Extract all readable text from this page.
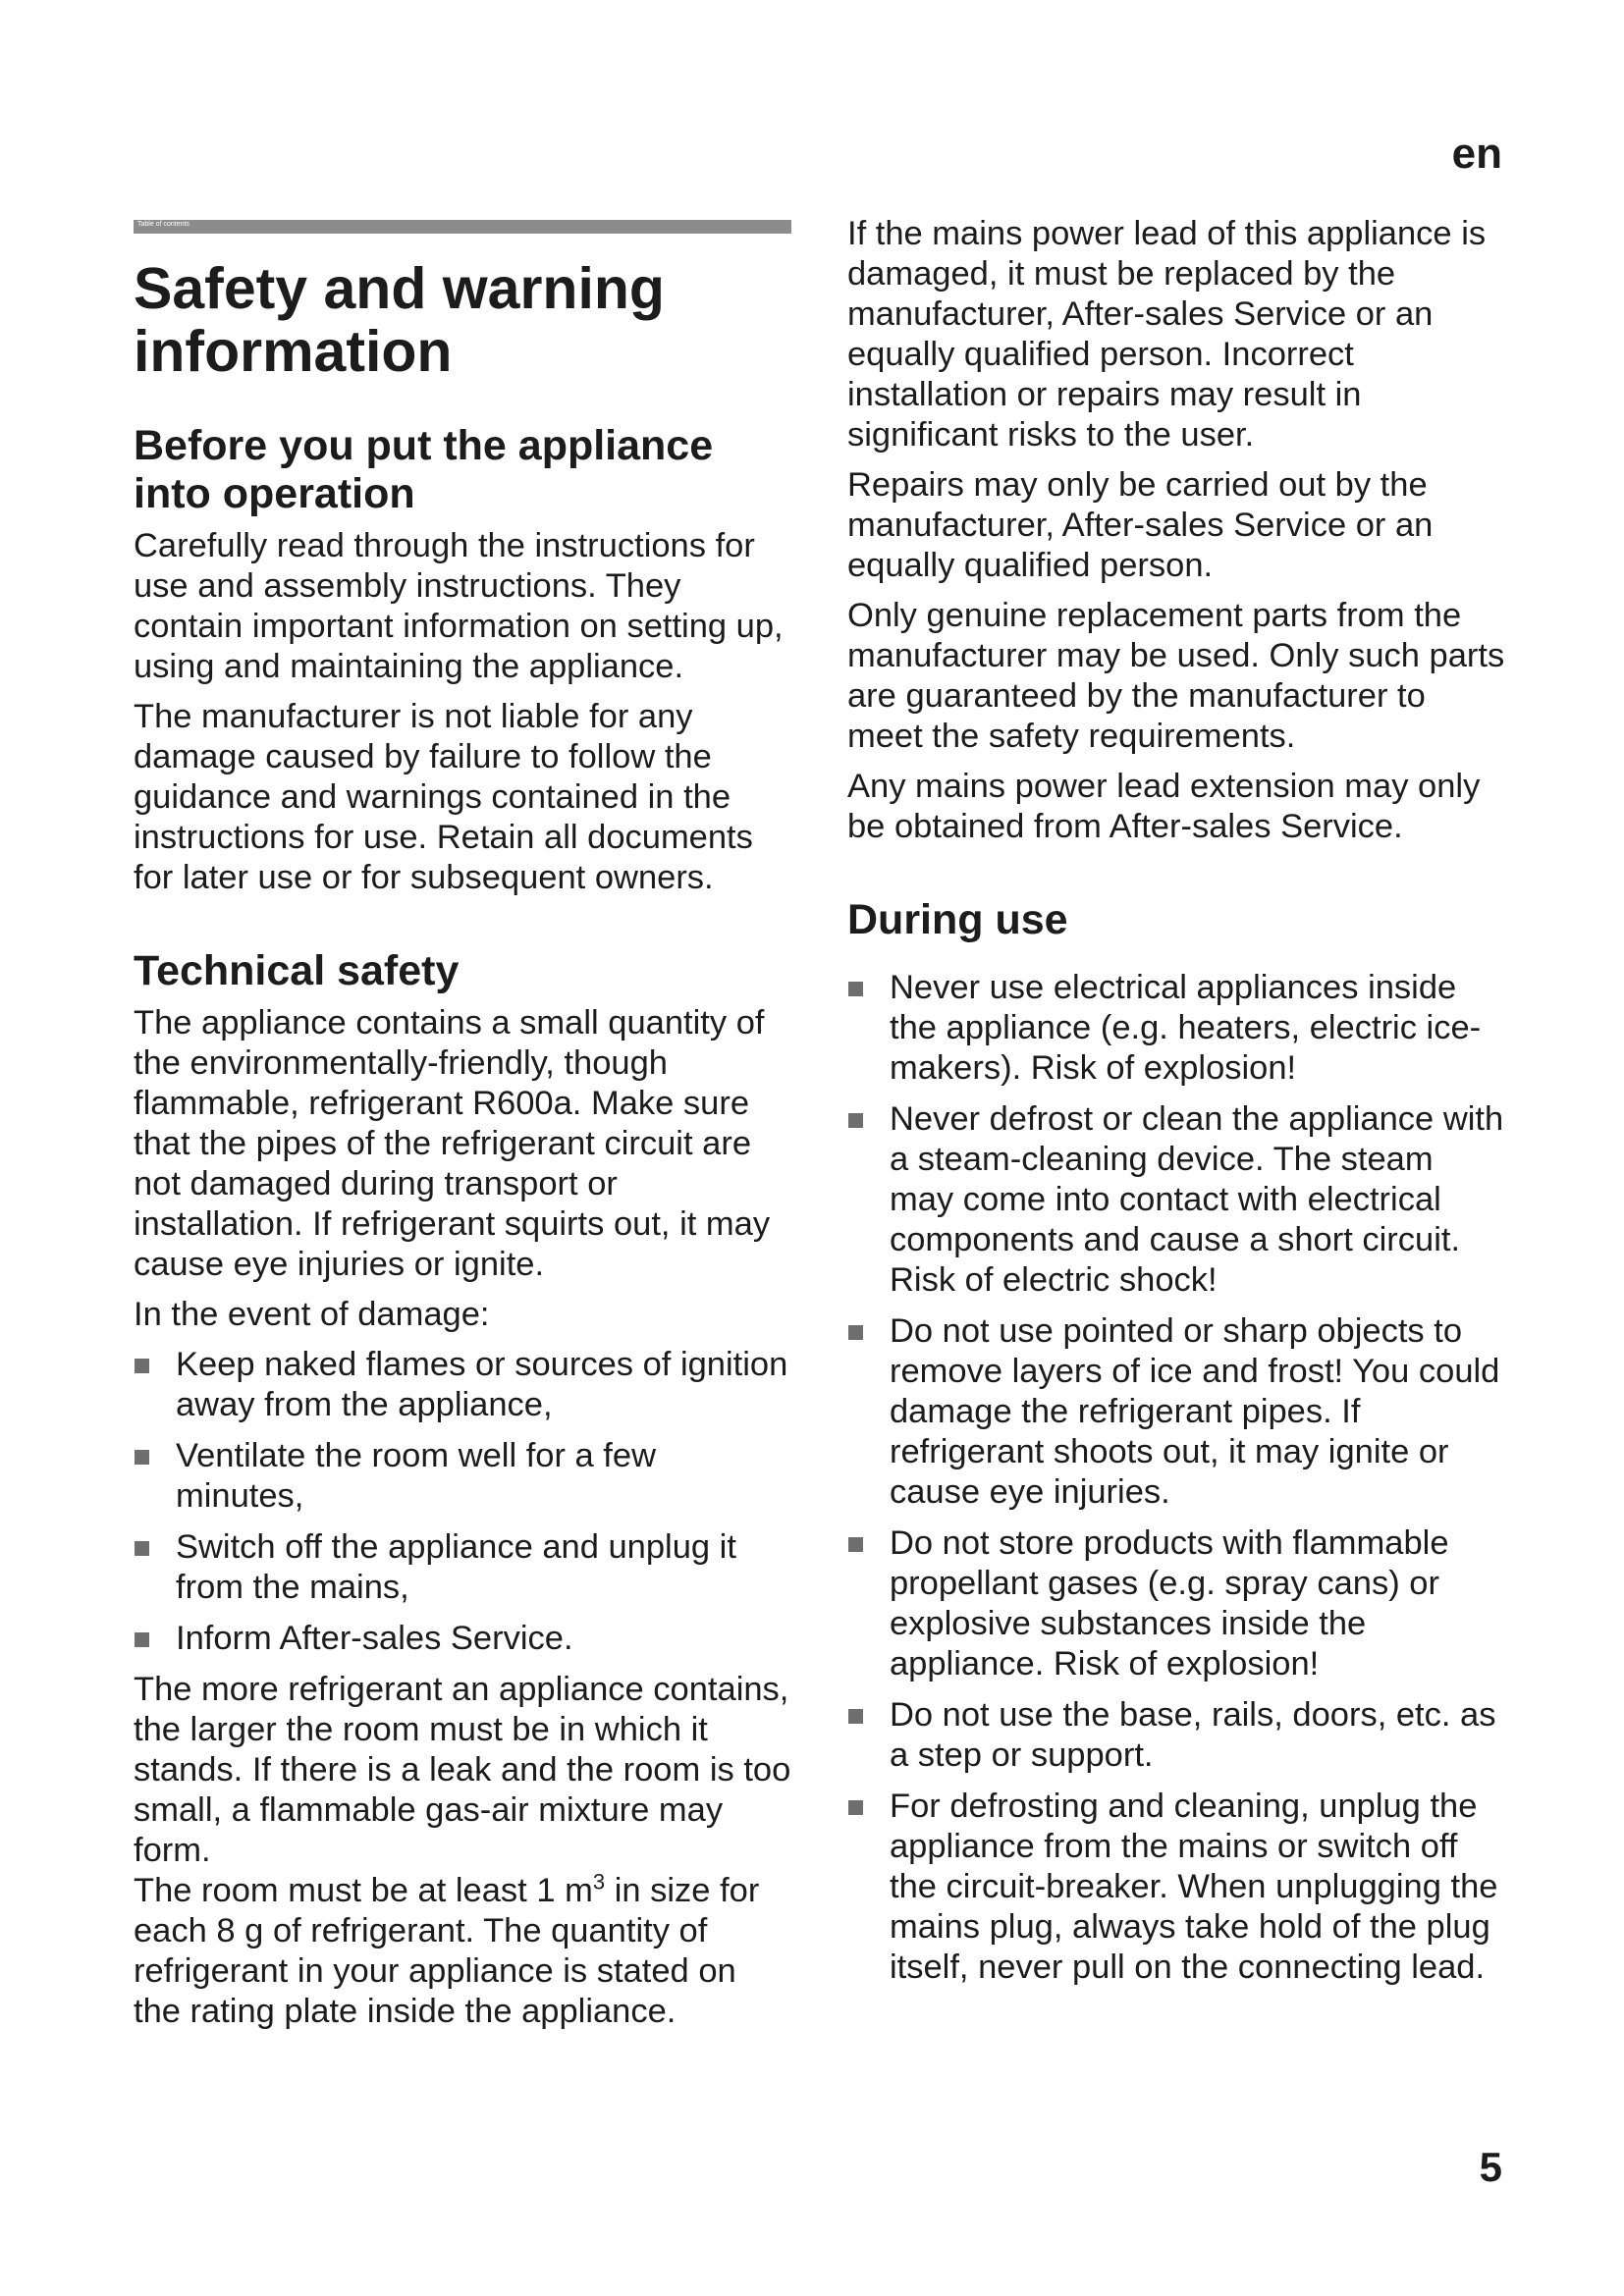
en
Table of contents
Safety and warning
information
Before you put the appliance
into operation

Carefully read through the instructions for use and assembly instructions. They contain important information on setting up, using and maintaining the appliance.

The manufacturer is not liable for any damage caused by failure to follow the guidance and warnings contained in the instructions for use. Retain all documents for later use or for subsequent owners.

Technical safety

The appliance contains a small quantity of the environmentally-friendly, though flammable, refrigerant R600a. Make sure that the pipes of the refrigerant circuit are not damaged during transport or installation. If refrigerant squirts out, it may cause eye injuries or ignite.

In the event of damage:

Keep naked flames or sources of ignition away from the appliance,
Ventilate the room well for a few minutes,
Switch off the appliance and unplug it from the mains,
Inform After-sales Service.

The more refrigerant an appliance contains, the larger the room must be in which it stands. If there is a leak and the room is too small, a flammable gas-air mixture may form.

The room must be at least 1 $m^3$ in size for each 8 g of refrigerant. The quantity of refrigerant in your appliance is stated on the rating plate inside the appliance.

If the mains power lead of this appliance is damaged, it must be replaced by the manufacturer, After-sales Service or an equally qualified person. Incorrect installation or repairs may result in significant risks to the user.

Repairs may only be carried out by the manufacturer, After-sales Service or an equally qualified person.

Only genuine replacement parts from the manufacturer may be used. Only such parts are guaranteed by the manufacturer to meet the safety requirements.

Any mains power lead extension may only be obtained from After-sales Service.

During use
Never use electrical appliances inside the appliance (e.g. heaters, electric ice-makers). Risk of explosion!
Never defrost or clean the appliance with a steam-cleaning device. The steam may come into contact with electrical components and cause a short circuit. Risk of electric shock!
Do not use pointed or sharp objects to remove layers of ice and frost! You could damage the refrigerant pipes. If refrigerant shoots out, it may ignite or cause eye injuries.
Do not store products with flammable propellant gases (e.g. spray cans) or explosive substances inside the appliance. Risk of explosion!
Do not use the base, rails, doors, etc. as a step or support.
For defrosting and cleaning, unplug the appliance from the mains or switch off the circuit-breaker. When unplugging the mains plug, always take hold of the plug itself, never pull on the connecting lead.
5
